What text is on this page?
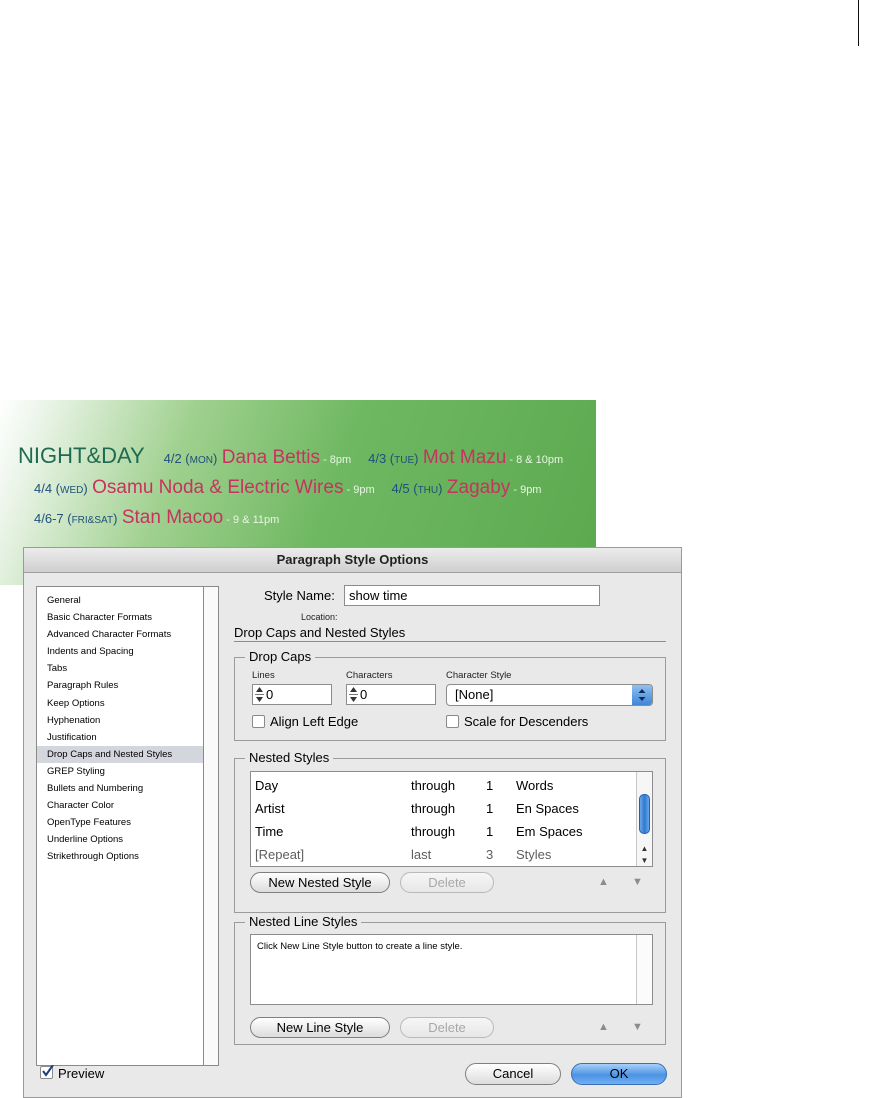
NIGHT&DAY 4/2 (MON) Dana Bettis - 8pm 4/3 (TUE) Mot Mazu - 8 & 10pm
4/4 (WED) Osamu Noda & Electric Wires - 9pm 4/5 (THU) Zagaby - 9pm
4/6-7 (FRI&SAT) Stan Macoo - 9 & 11pm
Paragraph Style Options
General
Basic Character Formats
Advanced Character Formats
Indents and Spacing
Tabs
Paragraph Rules
Keep Options
Hyphenation
Justification
Drop Caps and Nested Styles
GREP Styling
Bullets and Numbering
Character Color
OpenType Features
Underline Options
Strikethrough Options
Style Name:	show time
Location:
Drop Caps and Nested Styles
Drop Caps
Lines
0
Characters
0
Character Style
[None]
Align Left Edge	Scale for Descenders
Nested Styles
Day	through 1 Words
Artist	through 1 En Spaces
Time	through 1 Em Spaces
[Repeat]	last	3 Styles	▲
▼
New Nested Style	Delete	▲ ▼
Nested Line Styles
Click New Line Style button to create a line style.
New Line Style	Delete	▲ ▼
Preview	Cancel	OK
